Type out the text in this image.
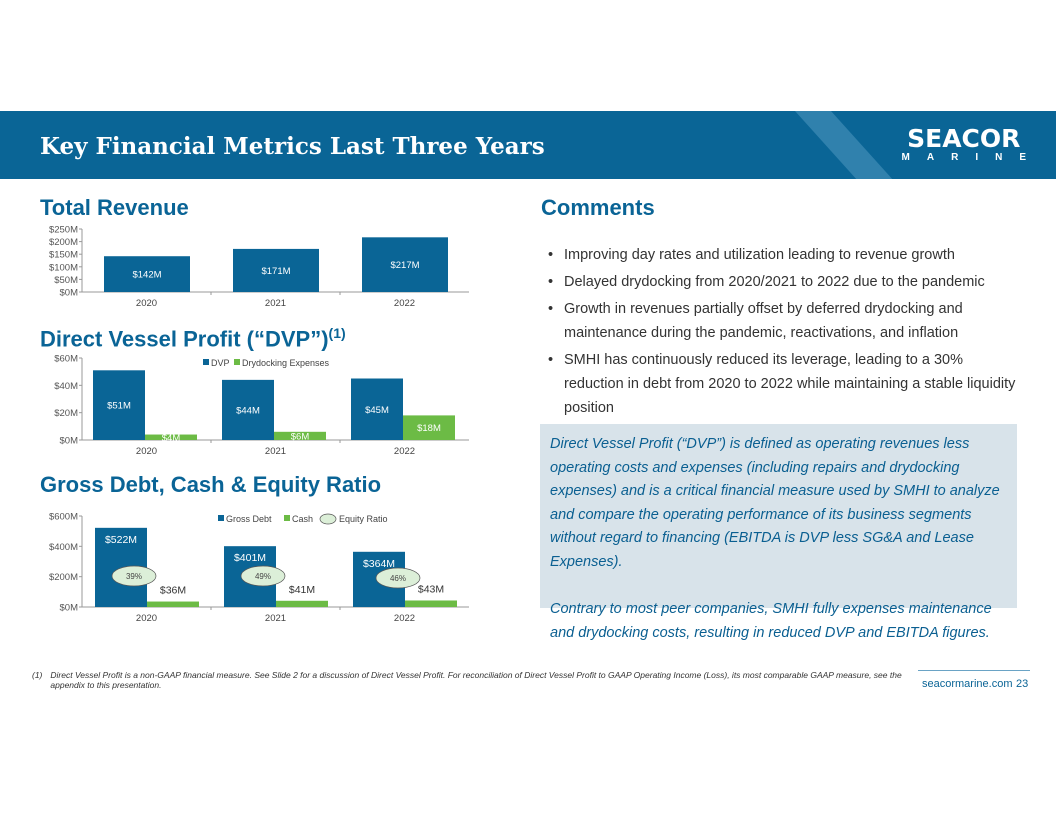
Key Financial Metrics Last Three Years	SEACOR
MARINE
Total Revenue
Direct Vessel Profit (“DVP”)$^{(1)}$
Gross Debt, Cash & Equity Ratio
Comments
$250M
$200M
$150M
$100M
$50M
$0M
2020	2021	2022
$142M	$171M
$217M
$60M
$40M
$20M
$0M
2020	2021	2022
$51M	$44M	$45M
$4M	$6M
$18M
DVP Drydocking Expenses
$600M
$400M
$200M
$0M
2020	2021	2022
$522M
$401M	$364M
$36M	$41M	$43M
39%	49%	46%
Gross Debt Cash	Equity Ratio
• Improving day rates and utilization leading to revenue growth
• Delayed drydocking from 2020/2021 to 2022 due to the pandemic
• Growth in revenues partially offset by deferred drydocking and maintenance during the pandemic, reactivations, and inflation
• SMHI has continuously reduced its leverage, leading to a 30% reduction in debt from 2020 to 2022 while maintaining a stable liquidity position

Direct Vessel Profit (“DVP”) is defined as operating revenues less operating costs and expenses (including repairs and drydocking expenses) and is a critical financial measure used by SMHI to analyze and compare the operating performance of its business segments without regard to financing (EBITDA is DVP less SG&A and Lease Expenses).

Contrary to most peer companies, SMHI fully expenses maintenance and drydocking costs, resulting in reduced DVP and EBITDA figures.

(1) Direct Vessel Profit is a non-GAAP financial measure. See Slide 2 for a discussion of Direct Vessel Profit. For reconciliation of Direct Vessel Profit to GAAP Operating Income (Loss), its most comparable GAAP measure, see the appendix to this presentation.	seacormarine.com 23
